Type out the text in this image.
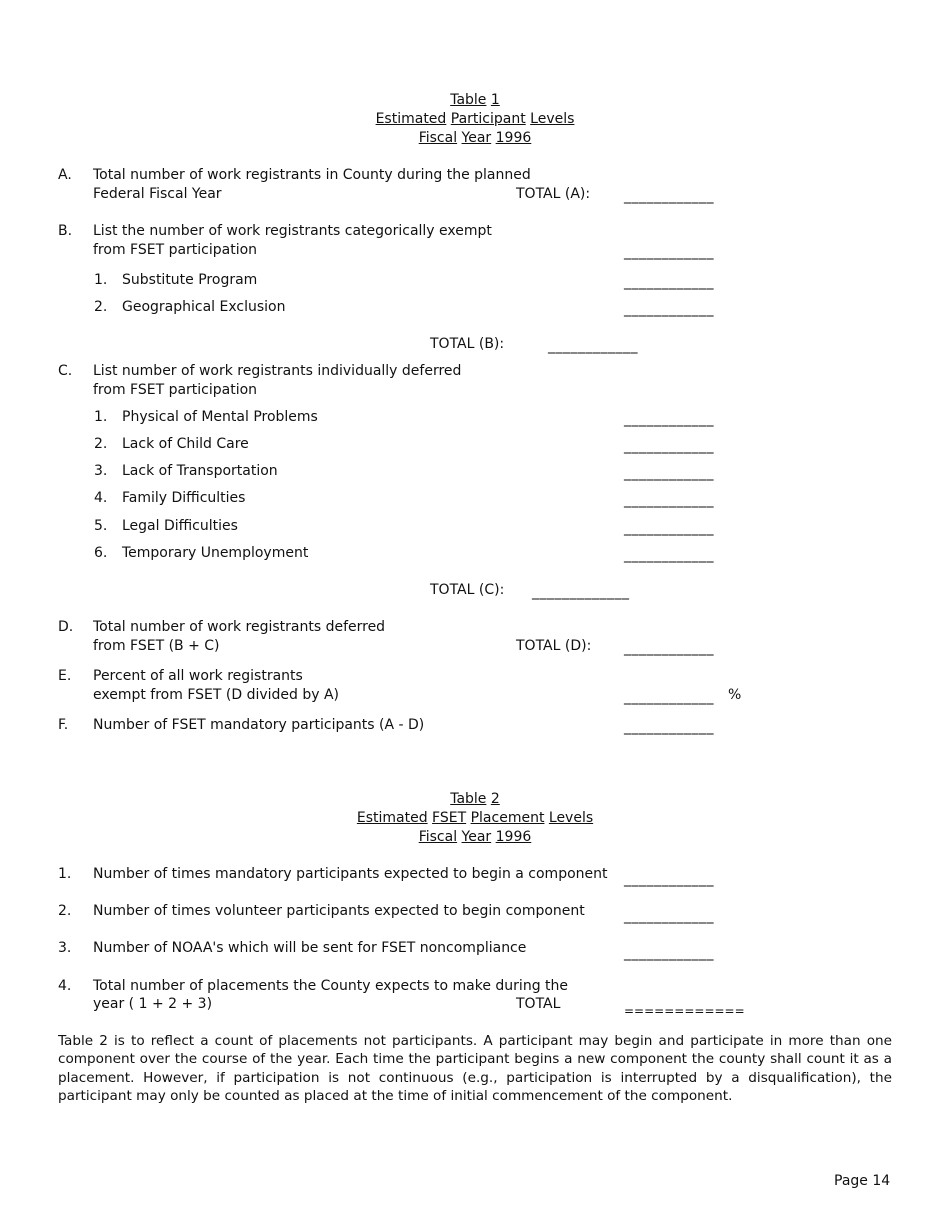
Table 1
Estimated Participant Levels
Fiscal Year 1996
A. Total number of work registrants in County during the planned
Federal Fiscal Year	TOTAL (A): ____________
B. List the number of work registrants categorically exempt
from FSET participation	____________
1. Substitute Program	____________
2. Geographical Exclusion	____________
TOTAL (B):	____________
C. List number of work registrants individually deferred
from FSET participation
1. Physical of Mental Problems	____________
2. Lack of Child Care	____________
3. Lack of Transportation	____________
4. Family Difficulties	____________
5. Legal Difficulties	____________
6. Temporary Unemployment	____________
TOTAL (C): _____________
D. Total number of work registrants deferred
from FSET (B + C)	TOTAL (D): ____________
E. Percent of all work registrants
exempt from FSET (D divided by A)	____________ %
F. Number of FSET mandatory participants (A - D)	____________
Table 2
Estimated FSET Placement Levels
Fiscal Year 1996
1. Number of times mandatory participants expected to begin a component ____________
2. Number of times volunteer participants expected to begin component	____________
3. Number of NOAA's which will be sent for FSET noncompliance	____________
4. Total number of placements the County expects to make during the
year ( 1 + 2 + 3)	TOTAL	============
Table 2 is to reflect a count of placements not participants. A participant may begin and participate in more than one component over the course of the year. Each time the participant begins a new component the county shall count it as a placement. However, if participation is not continuous (e.g., participation is interrupted by a disqualification), the participant may only be counted as placed at the time of initial commencement of the component.
Page 14
